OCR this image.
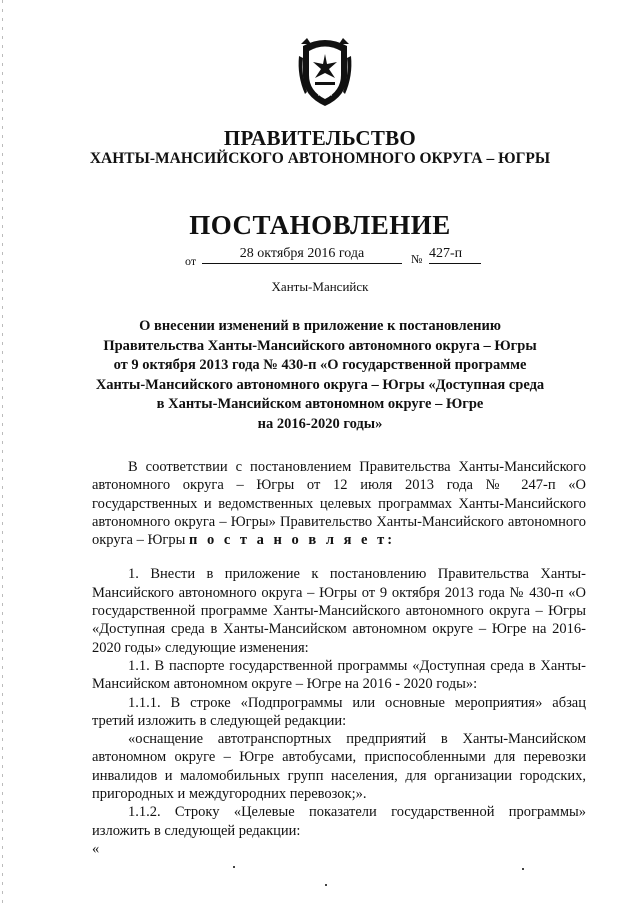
ЮГРА
ПРАВИТЕЛЬСТВО
ХАНТЫ-МАНСИЙСКОГО АВТОНОМНОГО ОКРУГА – ЮГРЫ
ПОСТАНОВЛЕНИЕ
от	28 октября 2016 года	№ 427-п
Ханты-Мансийск
О внесении изменений в приложение к постановлению
Правительства Ханты-Мансийского автономного округа – Югры
от 9 октября 2013 года № 430-п «О государственной программе
Ханты-Мансийского автономного округа – Югры «Доступная среда
в Ханты-Мансийском автономном округе – Югре
на 2016-2020 годы»

В соответствии с постановлением Правительства Ханты-Мансийского автономного округа – Югры от 12 июля 2013 года № 247-п «О государственных и ведомственных целевых программах Ханты-Мансийского автономного округа – Югры» Правительство Ханты-Мансийского автономного округа – Югры п о с т а н о в л я е т:

1. Внести в приложение к постановлению Правительства Ханты-Мансийского автономного округа – Югры от 9 октября 2013 года № 430-п «О государственной программе Ханты-Мансийского автономного округа – Югры «Доступная среда в Ханты-Мансийском автономном округе – Югре на 2016-2020 годы» следующие изменения:

1.1. В паспорте государственной программы «Доступная среда в Ханты-Мансийском автономном округе – Югре на 2016 - 2020 годы»:

1.1.1. В строке «Подпрограммы или основные мероприятия» абзац третий изложить в следующей редакции:

«оснащение автотранспортных предприятий в Ханты-Мансийском автономном округе – Югре автобусами, приспособленными для перевозки инвалидов и маломобильных групп населения, для организации городских, пригородных и междугородних перевозок;».

1.1.2. Строку «Целевые показатели государственной программы» изложить в следующей редакции:

«
